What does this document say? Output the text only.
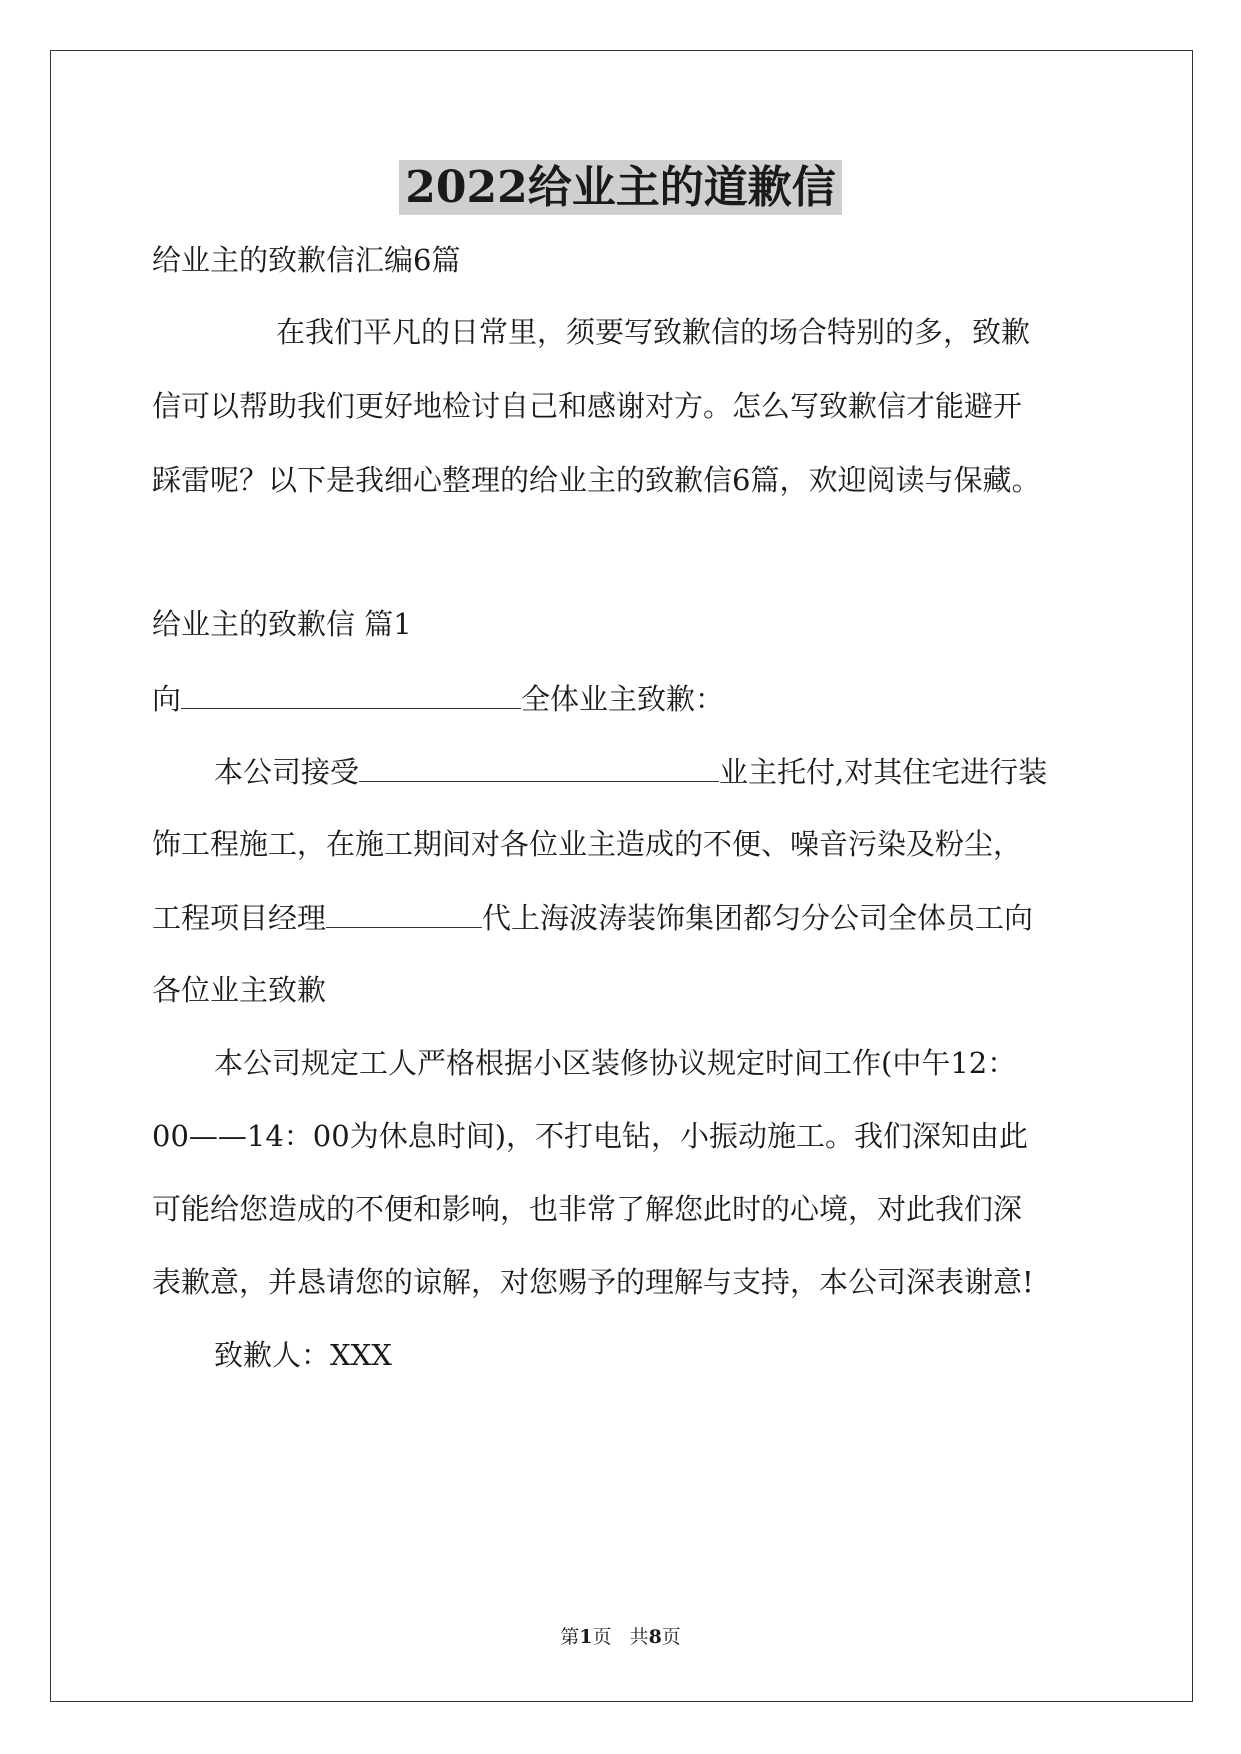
2022给业主的道歉信
给业主的致歉信汇编6篇
在我们平凡的日常里，须要写致歉信的场合特别的多，致歉
信可以帮助我们更好地检讨自己和感谢对方。怎么写致歉信才能避开
踩雷呢？以下是我细心整理的给业主的致歉信6篇，欢迎阅读与保藏。
给业主的致歉信 篇1
向	全体业主致歉：
本公司接受	业主托付,对其住宅进行装
饰工程施工，在施工期间对各位业主造成的不便、噪音污染及粉尘，
工程项目经理	代上海波涛装饰集团都匀分公司全体员工向
各位业主致歉
本公司规定工人严格根据小区装修协议规定时间工作(中午12：
00——14：00为休息时间)，不打电钻，小振动施工。我们深知由此
可能给您造成的不便和影响，也非常了解您此时的心境，对此我们深
表歉意，并恳请您的谅解，对您赐予的理解与支持，本公司深表谢意!
致歉人：XXX
第1页   共8页
